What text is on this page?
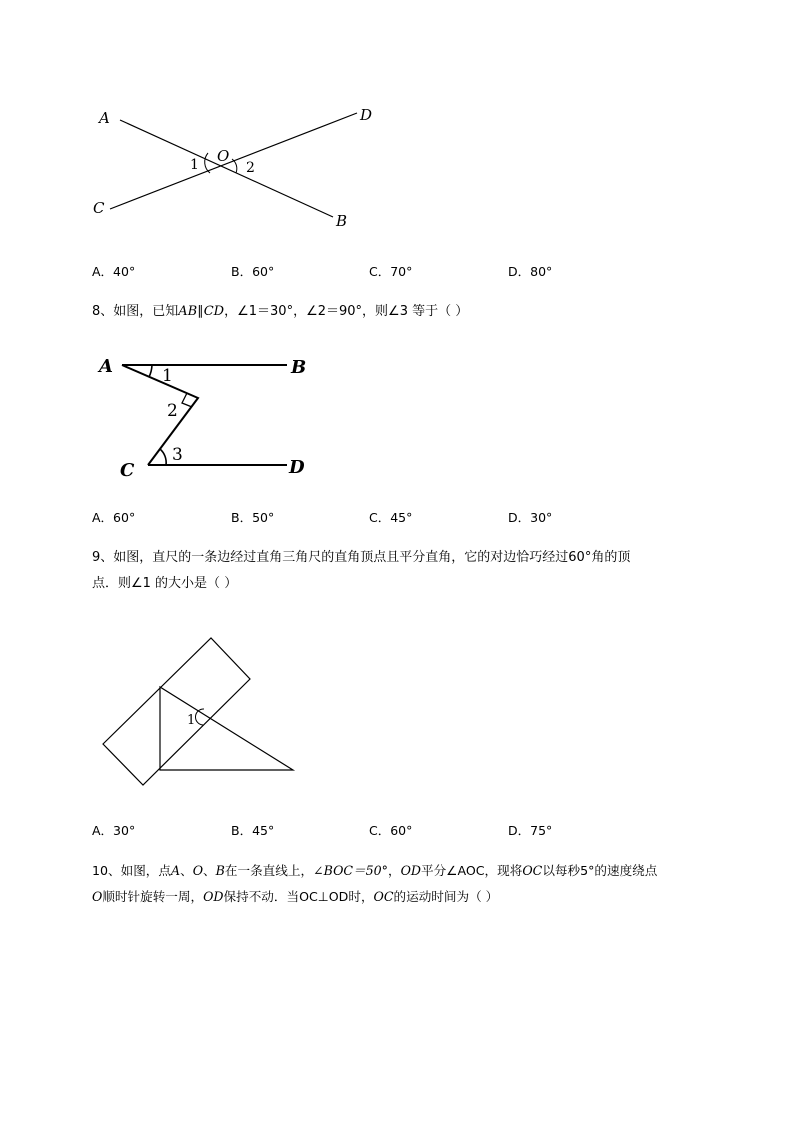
A	D
O
1	2
C
B
A．40°	B．60°	C．70°	D．80°
8、如图，已知AB∥CD，∠1＝30°，∠2＝90°，则∠3 等于（ ）
A	1	B
2
3
C	D
A．60°	B．50°	C．45°	D．30°
9、如图，直尺的一条边经过直角三角尺的直角顶点且平分直角，它的对边恰巧经过60°角的顶
点．则∠1 的大小是（ ）
1
A．30°	B．45°	C．60°	D．75°
10、如图，点A、O、B在一条直线上，∠BOC＝50°，OD平分∠AOC，现将OC以每秒5°的速度绕点
O顺时针旋转一周，OD保持不动．当OC⊥OD时，OC的运动时间为（ ）
